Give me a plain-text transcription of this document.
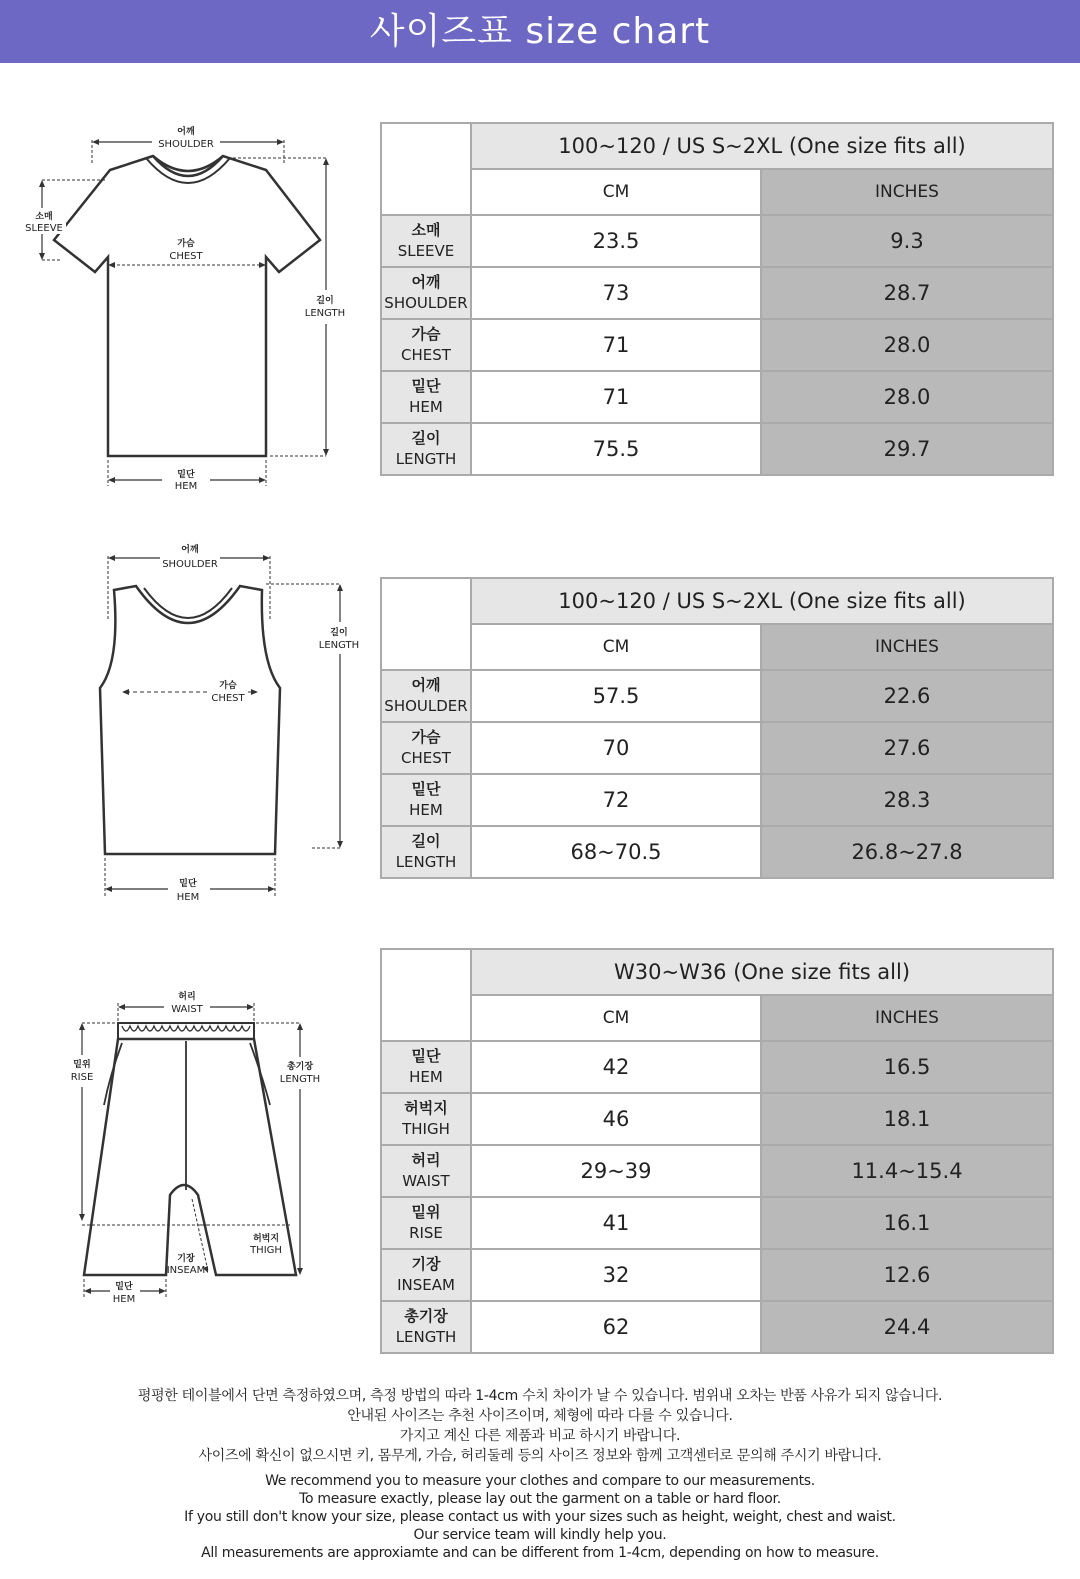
사이즈표 size chart
어깨
SHOULDER
소매
SLEEVE
가슴
CHEST
길이
LENGTH
밑단
HEM
	100~120 / US S~2XL (One size fits all)	
	CM	INCHES

소매
SLEEVE	23.5	9.3

어깨
SHOULDER	73	28.7

가슴
CHEST	71	28.0

밑단
HEM	71	28.0

길이
LENGTH	75.5	29.7
어깨
SHOULDER
길이
LENGTH
가슴
CHEST
밑단
HEM
	100~120 / US S~2XL (One size fits all)	
	CM	INCHES

어깨
SHOULDER	57.5	22.6

가슴
CHEST	70	27.6

밑단
HEM	72	28.3

길이
LENGTH	68~70.5	26.8~27.8
허리
WAIST
밑위
RISE
총기장
LENGTH
허벅지
THIGH
기장
INSEAM
밑단
HEM
	W30~W36 (One size fits all)	
	CM	INCHES

밑단
HEM	42	16.5

허벅지
THIGH	46	18.1

허리
WAIST	29~39	11.4~15.4

밑위
RISE	41	16.1

기장
INSEAM	32	12.6

총기장
LENGTH	62	24.4
평평한 테이블에서 단면 측정하였으며, 측정 방법의 따라 1-4cm 수치 차이가 날 수 있습니다. 범위내 오차는 반품 사유가 되지 않습니다.
안내된 사이즈는 추천 사이즈이며, 체형에 따라 다를 수 있습니다.
가지고 계신 다른 제품과 비교 하시기 바랍니다.
사이즈에 확신이 없으시면 키, 몸무게, 가슴, 허리둘레 등의 사이즈 정보와 함께 고객센터로 문의해 주시기 바랍니다.
We recommend you to measure your clothes and compare to our measurements.
To measure exactly, please lay out the garment on a table or hard floor.
If you still don't know your size, please contact us with your sizes such as height, weight, chest and waist.
Our service team will kindly help you.
All measurements are approxiamte and can be different from 1-4cm, depending on how to measure.
